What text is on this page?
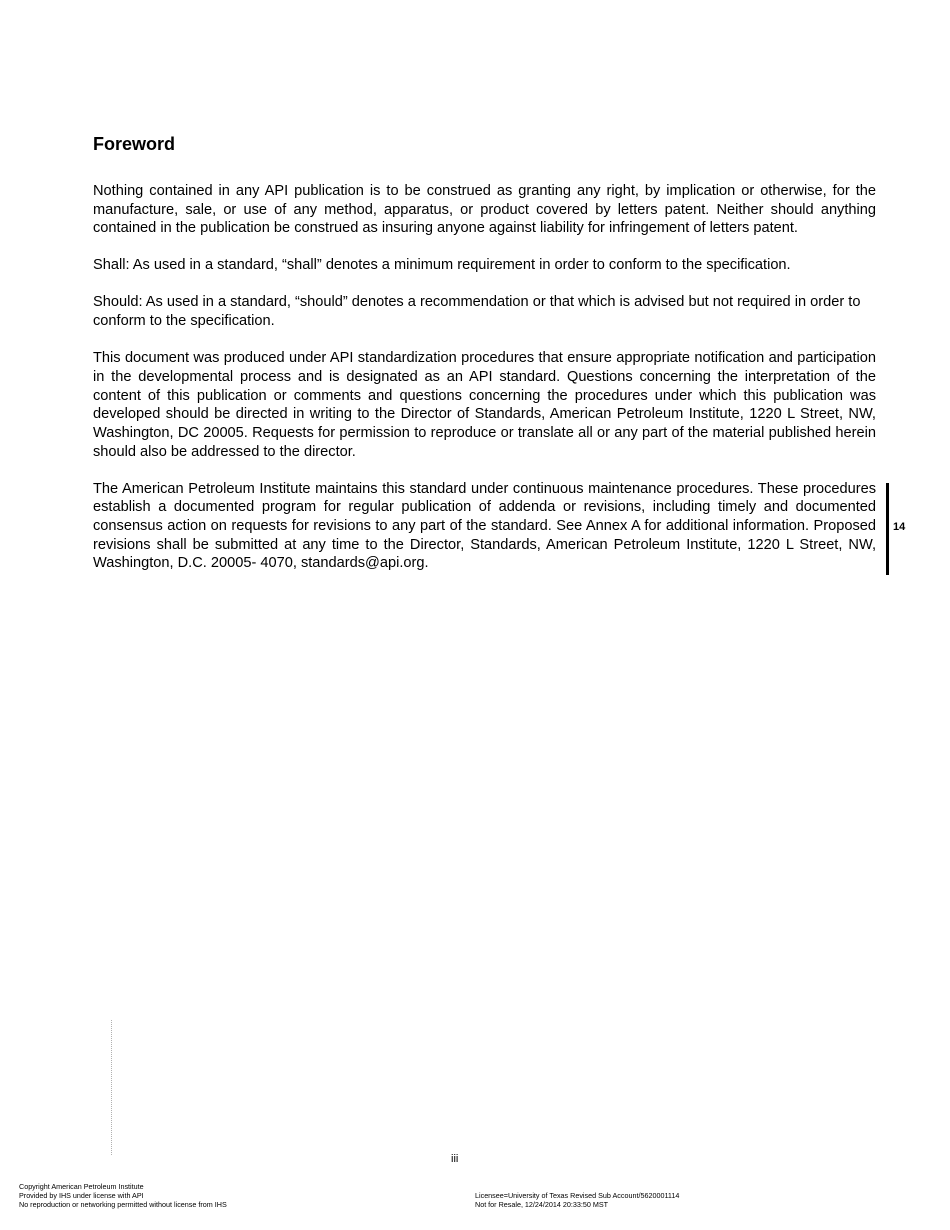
Foreword

Nothing contained in any API publication is to be construed as granting any right, by implication or otherwise, for the manufacture, sale, or use of any method, apparatus, or product covered by letters patent. Neither should anything contained in the publication be construed as insuring anyone against liability for infringement of letters patent.

Shall: As used in a standard, “shall” denotes a minimum requirement in order to conform to the specification.

Should: As used in a standard, “should” denotes a recommendation or that which is advised but not required in order to conform to the specification.

This document was produced under API standardization procedures that ensure appropriate notification and participation in the developmental process and is designated as an API standard. Questions concerning the interpretation of the content of this publication or comments and questions concerning the procedures under which this publication was developed should be directed in writing to the Director of Standards, American Petroleum Institute, 1220 L Street, NW, Washington, DC 20005. Requests for permission to reproduce or translate all or any part of the material published herein should also be addressed to the director.

The American Petroleum Institute maintains this standard under continuous maintenance procedures. These procedures establish a documented program for regular publication of addenda or revisions, including timely and documented consensus action on requests for revisions to any part of the standard. See Annex A for additional information. Proposed revisions shall be submitted at any time to the Director, Standards, American Petroleum Institute, 1220 L Street, NW, Washington, D.C. 20005- 4070, standards@api.org.

14
iii
Copyright American Petroleum Institute
Provided by IHS under license with API
No reproduction or networking permitted without license from IHS
Licensee=University of Texas Revised Sub Account/5620001114
Not for Resale, 12/24/2014 20:33:50 MST
